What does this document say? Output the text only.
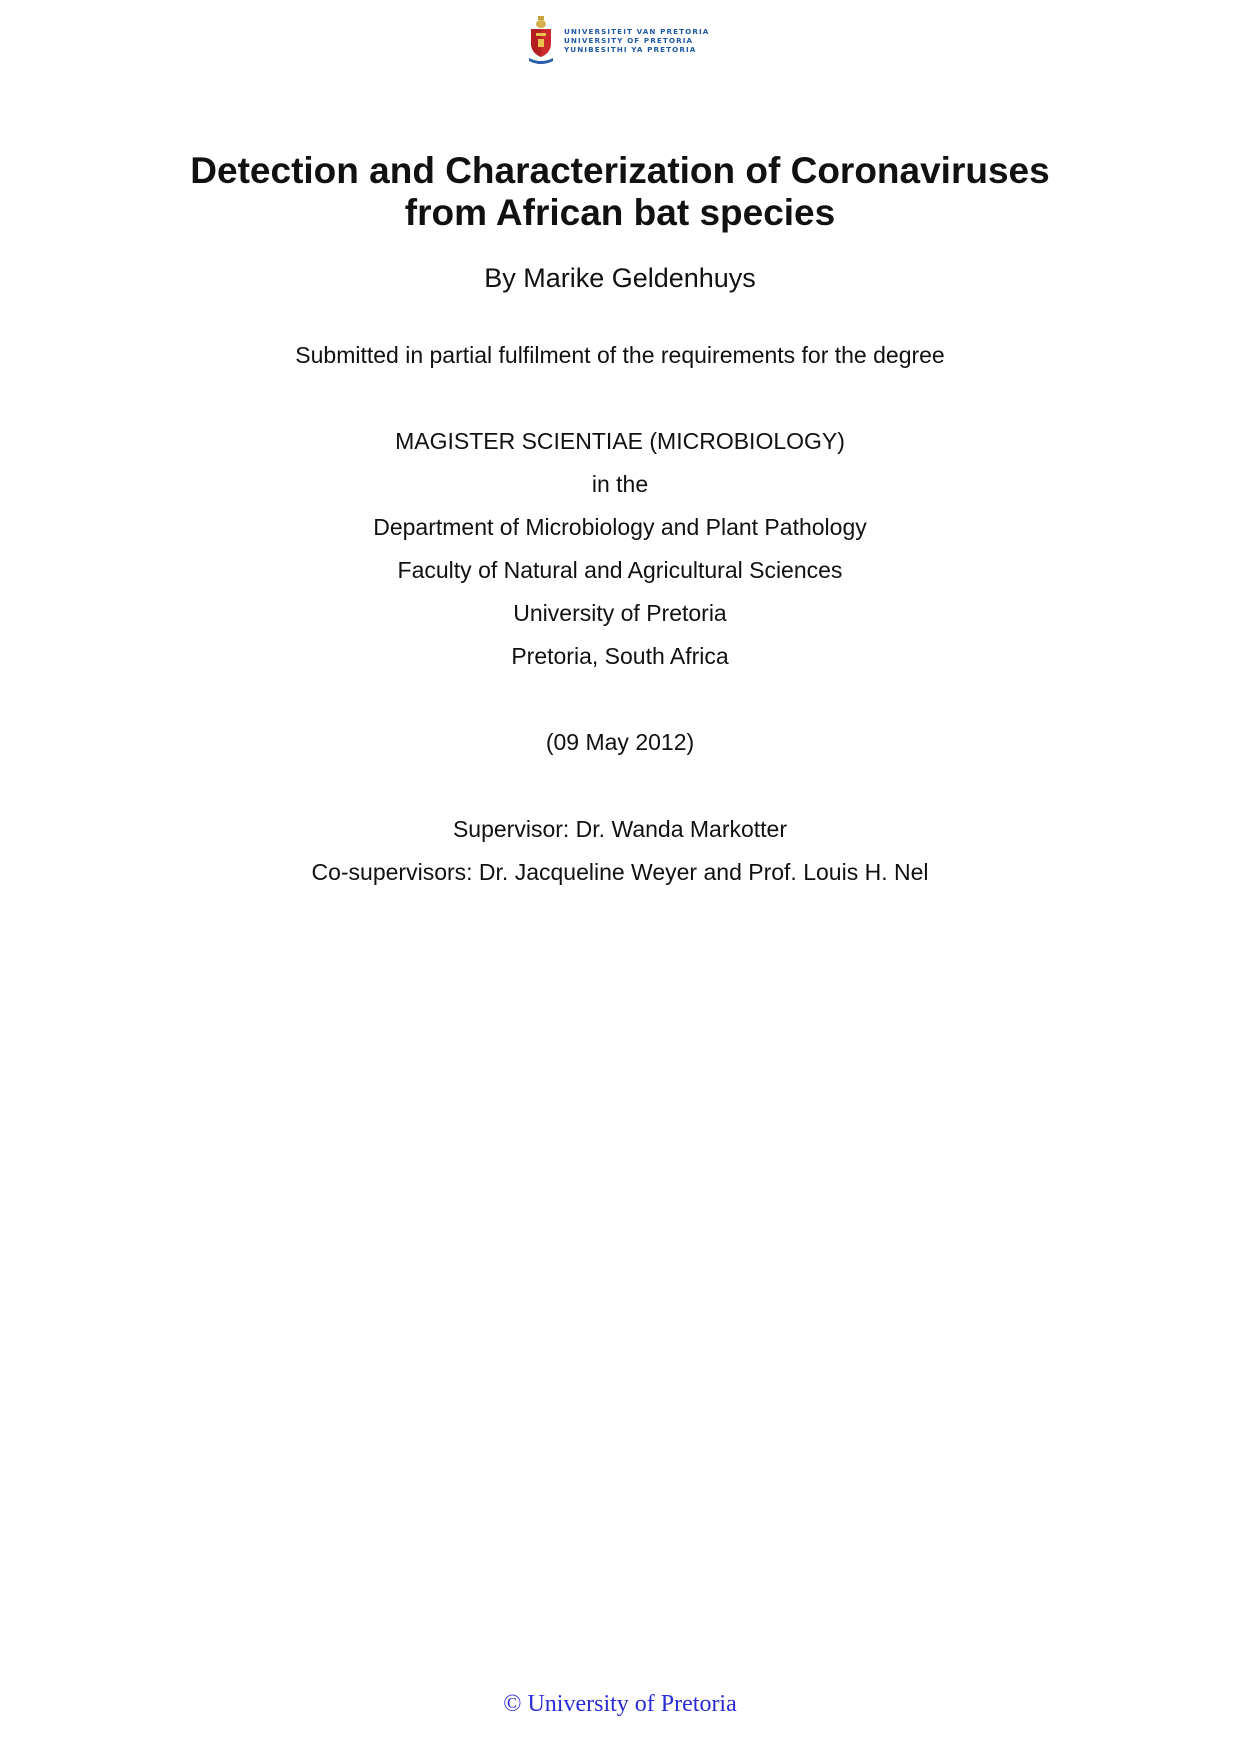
UNIVERSITEIT VAN PRETORIA
UNIVERSITY OF PRETORIA
YUNIBESITHI YA PRETORIA
Detection and Characterization of Coronaviruses
from African bat species
By Marike Geldenhuys
Submitted in partial fulfilment of the requirements for the degree
MAGISTER SCIENTIAE (MICROBIOLOGY)
in the
Department of Microbiology and Plant Pathology
Faculty of Natural and Agricultural Sciences
University of Pretoria
Pretoria, South Africa
(09 May 2012)
Supervisor: Dr. Wanda Markotter
Co-supervisors: Dr. Jacqueline Weyer and Prof. Louis H. Nel
© University of Pretoria
